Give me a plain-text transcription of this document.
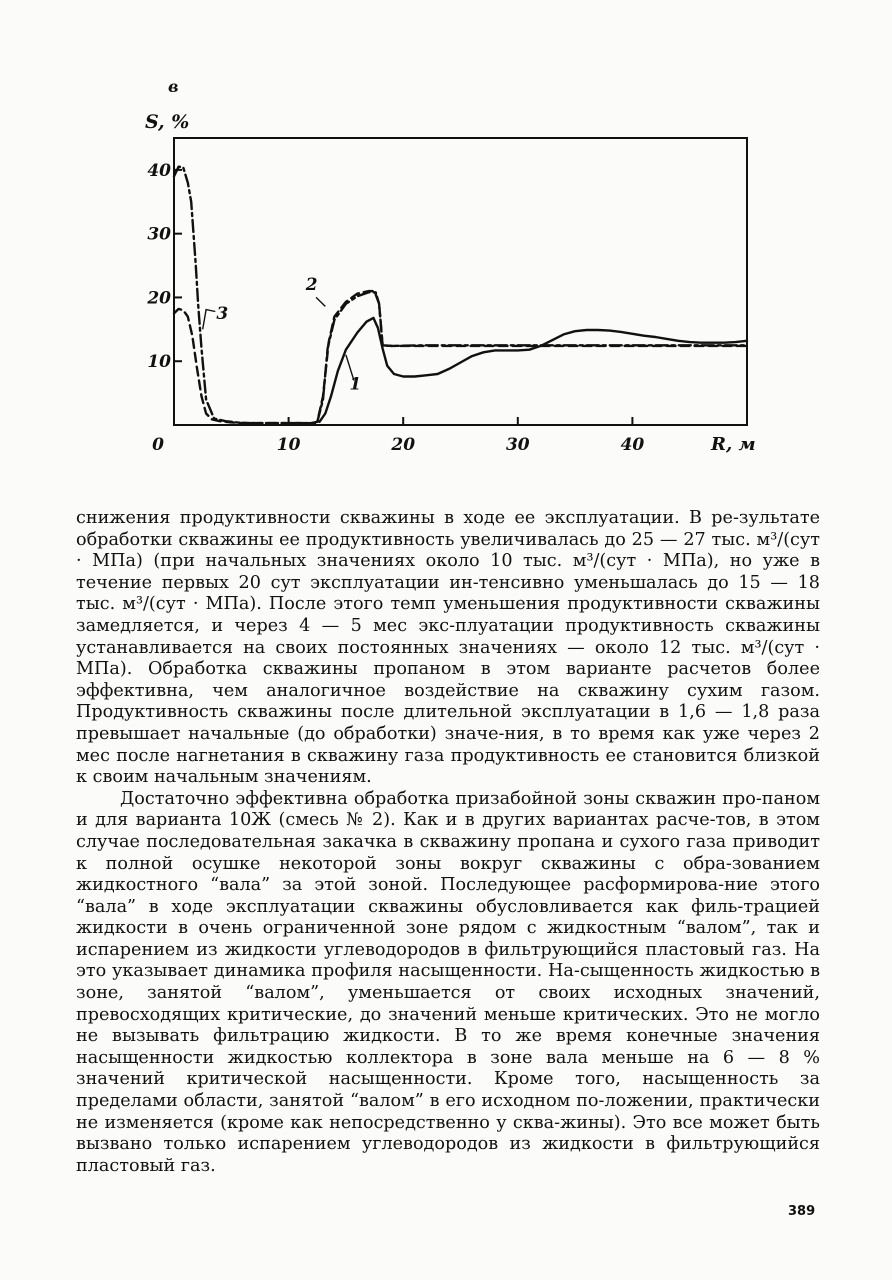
в
S, %
R, м
10
20
30
40
0	10	20	30	40
1
2
3

снижения продуктивности скважины в ходе ее эксплуатации. В ре-зультате обработки скважины ее продуктивность увеличивалась до 25 — 27 тыс. м³/(сут · МПа) (при начальных значениях около 10 тыс. м³/(сут · МПа), но уже в течение первых 20 сут эксплуатации ин-тенсивно уменьшалась до 15 — 18 тыс. м³/(сут · МПа). После этого темп уменьшения продуктивности скважины замедляется, и через 4 — 5 мес экс-плуатации продуктивность скважины устанавливается на своих постоянных значениях — около 12 тыс. м³/(сут · МПа). Обработка скважины пропаном в этом варианте расчетов более эффективна, чем аналогичное воздействие на скважину сухим газом. Продуктивность скважины после длительной эксплуатации в 1,6 — 1,8 раза превышает начальные (до обработки) значе-ния, в то время как уже через 2 мес после нагнетания в скважину газа продуктивность ее становится близкой к своим начальным значениям.

Достаточно эффективна обработка призабойной зоны скважин про-паном и для варианта 10Ж (смесь № 2). Как и в других вариантах расче-тов, в этом случае последовательная закачка в скважину пропана и сухого газа приводит к полной осушке некоторой зоны вокруг скважины с обра-зованием жидкостного “вала” за этой зоной. Последующее расформирова-ние этого “вала” в ходе эксплуатации скважины обусловливается как филь-трацией жидкости в очень ограниченной зоне рядом с жидкостным “валом”, так и испарением из жидкости углеводородов в фильтрующийся пластовый газ. На это указывает динамика профиля насыщенности. На-сыщенность жидкостью в зоне, занятой “валом”, уменьшается от своих исходных значений, превосходящих критические, до значений меньше критических. Это не могло не вызывать фильтрацию жидкости. В то же время конечные значения насыщенности жидкостью коллектора в зоне вала меньше на 6 — 8 % значений критической насыщенности. Кроме того, насыщенность за пределами области, занятой “валом” в его исходном по-ложении, практически не изменяется (кроме как непосредственно у сква-жины). Это все может быть вызвано только испарением углеводородов из жидкости в фильтрующийся пластовый газ.

389
